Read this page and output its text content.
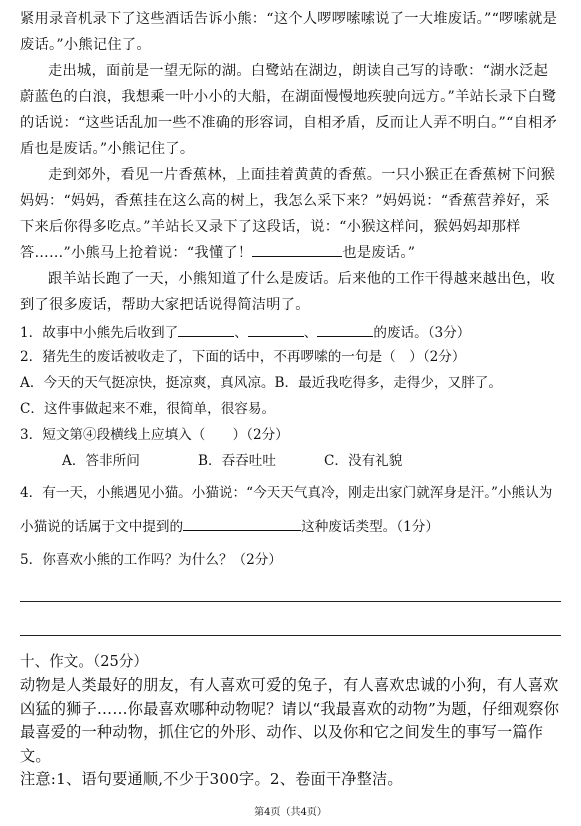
紧用录音机录下了这些酒话告诉小熊：“这个人啰啰嗦嗦说了一大堆废话。”“啰嗦就是废话。”小熊记住了。
走出城，面前是一望无际的湖。白鹭站在湖边，朗读自己写的诗歌：“湖水泛起蔚蓝色的白浪，我想乘一叶小小的大船，在湖面慢慢地疾驶向远方。”羊站长录下白鹭的话说：“这些话乱加一些不准确的形容词，自相矛盾，反而让人弄不明白。”“自相矛盾也是废话。”小熊记住了。
走到郊外，看见一片香蕉林，上面挂着黄黄的香蕉。一只小猴正在香蕉树下问猴妈妈：“妈妈，香蕉挂在这么高的树上，我怎么采下来？”妈妈说：“香蕉营养好，采下来后你得多吃点。”羊站长又录下了这段话，说：“小猴这样问，猴妈妈却那样答……”小熊马上抢着说：“我懂了！	也是废话。”
跟羊站长跑了一天，小熊知道了什么是废话。后来他的工作干得越来越出色，收到了很多废话，帮助大家把话说得简洁明了。
1．故事中小熊先后收到了	、	、	的废话。（3分）
2．猪先生的废话被收走了，下面的话中，不再啰嗦的一句是（　）（2分）
A．今天的天气挺凉快，挺凉爽，真风凉。B．最近我吃得多，走得少，又胖了。
C．这件事做起来不难，很简单，很容易。
3．短文第④段横线上应填入（　　）（2分）
A．答非所问	B．吞吞吐吐	C．没有礼貌
4．有一天，小熊遇见小猫。小猫说：“今天天气真冷，刚走出家门就浑身是汗。”小熊认为
小猫说的话属于文中提到的	这种废话类型。（1分）
5．你喜欢小熊的工作吗？为什么？（2分）
十、作文。（25分）
动物是人类最好的朋友，有人喜欢可爱的兔子，有人喜欢忠诚的小狗，有人喜欢凶猛的狮子……你最喜欢哪种动物呢？请以“我最喜欢的动物”为题，仔细观察你最喜爱的一种动物，抓住它的外形、动作、以及你和它之间发生的事写一篇作文。
注意:1、语句要通顺,不少于300字。2、卷面干净整洁。
第4页（共4页）
